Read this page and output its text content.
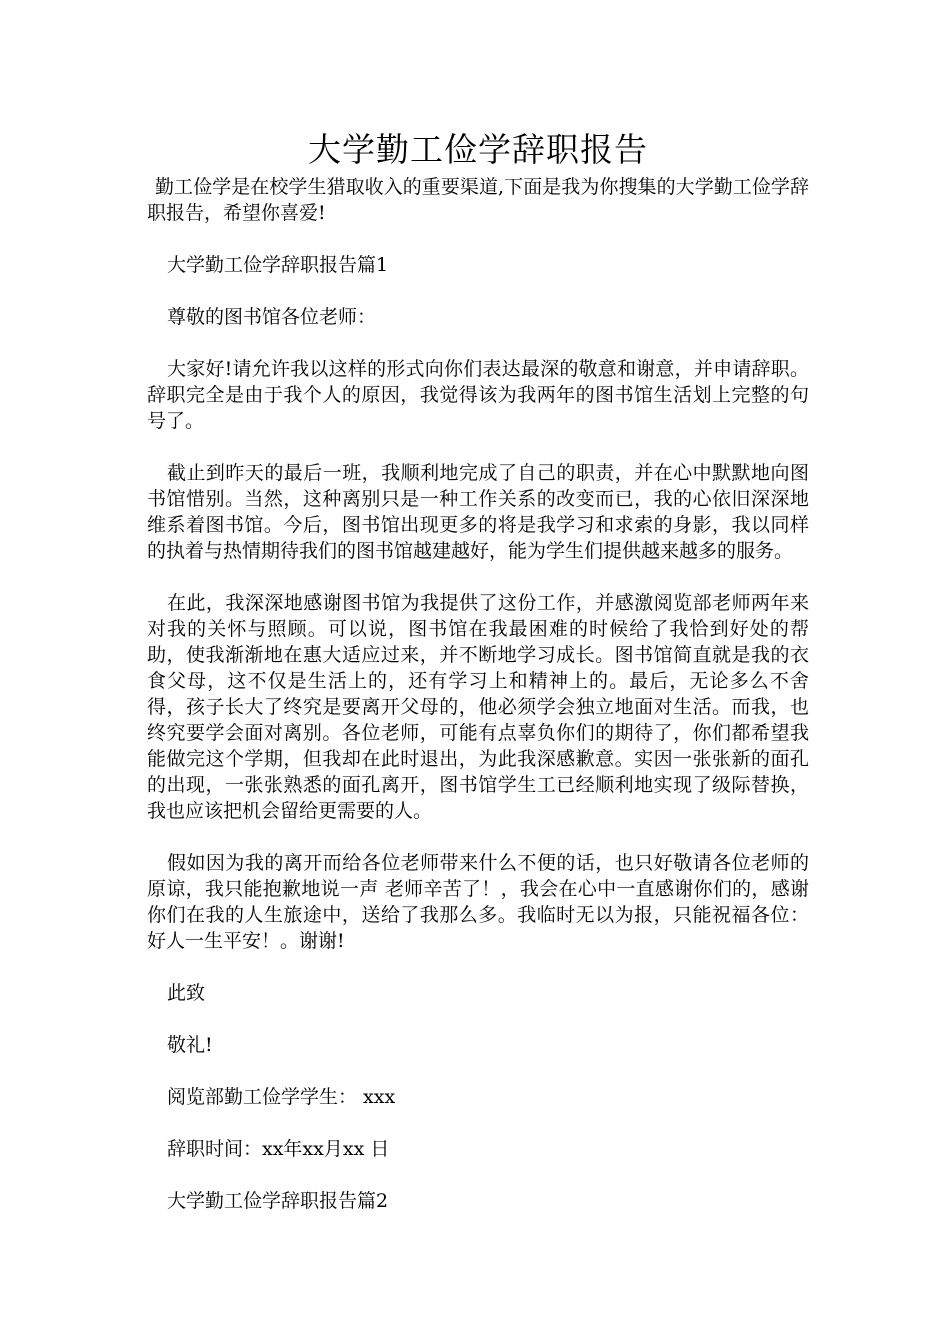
大学勤工俭学辞职报告

勤工俭学是在校学生猎取收入的重要渠道,下面是我为你搜集的大学勤工俭学辞职报告，希望你喜爱!

大学勤工俭学辞职报告篇1

尊敬的图书馆各位老师：

大家好!请允许我以这样的形式向你们表达最深的敬意和谢意，并申请辞职。辞职完全是由于我个人的原因，我觉得该为我两年的图书馆生活划上完整的句号了。

截止到昨天的最后一班，我顺利地完成了自己的职责，并在心中默默地向图书馆惜别。当然，这种离别只是一种工作关系的改变而已，我的心依旧深深地维系着图书馆。今后，图书馆出现更多的将是我学习和求索的身影，我以同样的执着与热情期待我们的图书馆越建越好，能为学生们提供越来越多的服务。

在此，我深深地感谢图书馆为我提供了这份工作，并感激阅览部老师两年来对我的关怀与照顾。可以说，图书馆在我最困难的时候给了我恰到好处的帮助，使我渐渐地在惠大适应过来，并不断地学习成长。图书馆简直就是我的衣食父母，这不仅是生活上的，还有学习上和精神上的。最后，无论多么不舍得，孩子长大了终究是要离开父母的，他必须学会独立地面对生活。而我，也终究要学会面对离别。各位老师，可能有点辜负你们的期待了，你们都希望我能做完这个学期，但我却在此时退出，为此我深感歉意。实因一张张新的面孔的出现，一张张熟悉的面孔离开，图书馆学生工已经顺利地实现了级际替换，我也应该把机会留给更需要的人。

假如因为我的离开而给各位老师带来什么不便的话，也只好敬请各位老师的原谅，我只能抱歉地说一声 老师辛苦了！，我会在心中一直感谢你们的，感谢你们在我的人生旅途中，送给了我那么多。我临时无以为报，只能祝福各位： 好人一生平安！。谢谢!

此致

敬礼!

阅览部勤工俭学学生： xxx

辞职时间：xx年xx月xx 日

大学勤工俭学辞职报告篇2
